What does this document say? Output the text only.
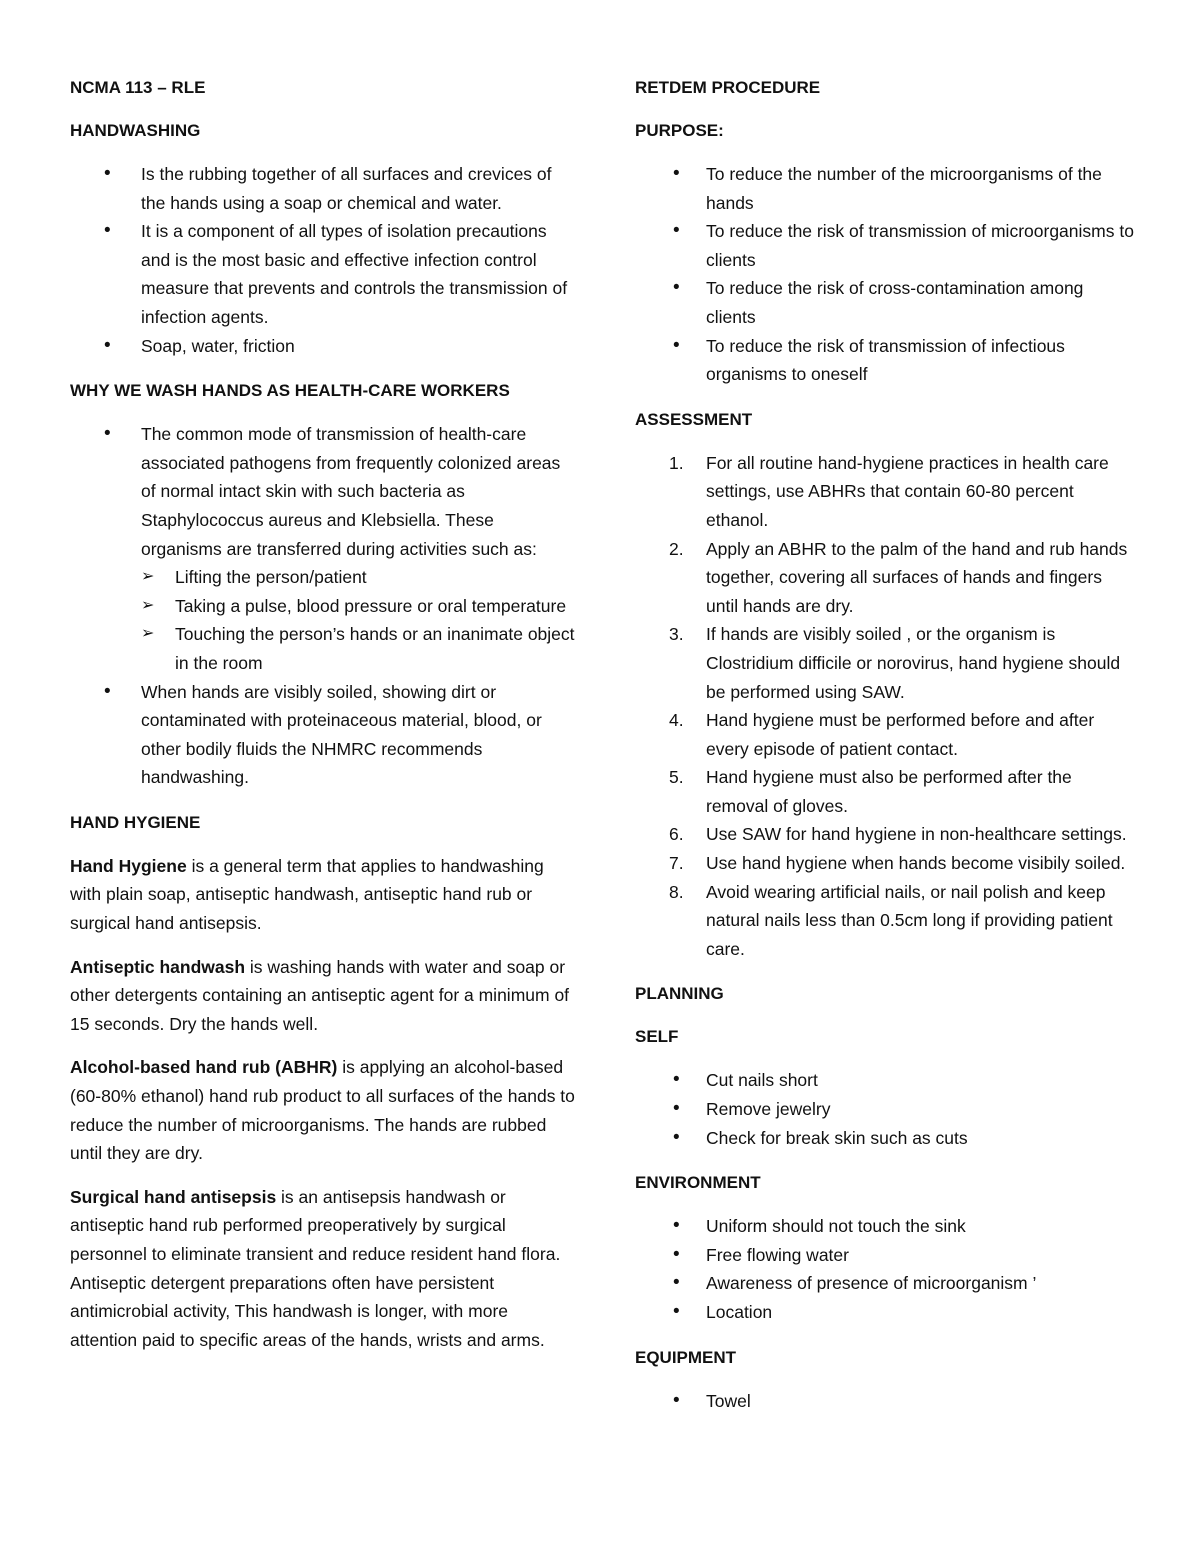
NCMA 113 – RLE
HANDWASHING
• Is the rubbing together of all surfaces and crevices of the hands using a soap or chemical and water.
• It is a component of all types of isolation precautions and is the most basic and effective infection control measure that prevents and controls the transmission of infection agents.
• Soap, water, friction
WHY WE WASH HANDS AS HEALTH-CARE WORKERS
• The common mode of transmission of health-care associated pathogens from frequently colonized areas of normal intact skin with such bacteria as Staphylococcus aureus and Klebsiella. These organisms are transferred during activities such as:
➢ Lifting the person/patient
➢ Taking a pulse, blood pressure or oral temperature
➢ Touching the person’s hands or an inanimate object in the room
• When hands are visibly soiled, showing dirt or contaminated with proteinaceous material, blood, or other bodily fluids the NHMRC recommends handwashing.
HAND HYGIENE

Hand Hygiene is a general term that applies to handwashing with plain soap, antiseptic handwash, antiseptic hand rub or surgical hand antisepsis.

Antiseptic handwash is washing hands with water and soap or other detergents containing an antiseptic agent for a minimum of 15 seconds. Dry the hands well.

Alcohol-based hand rub (ABHR) is applying an alcohol-based (60-80% ethanol) hand rub product to all surfaces of the hands to reduce the number of microorganisms. The hands are rubbed until they are dry.

Surgical hand antisepsis is an antisepsis handwash or antiseptic hand rub performed preoperatively by surgical personnel to eliminate transient and reduce resident hand flora. Antiseptic detergent preparations often have persistent antimicrobial activity, This handwash is longer, with more attention paid to specific areas of the hands, wrists and arms.

RETDEM PROCEDURE
PURPOSE:
• To reduce the number of the microorganisms of the hands
• To reduce the risk of transmission of microorganisms to clients
• To reduce the risk of cross-contamination among clients
• To reduce the risk of transmission of infectious organisms to oneself
ASSESSMENT
1.	For all routine hand-hygiene practices in health care settings, use ABHRs that contain 60-80 percent ethanol.
2.	Apply an ABHR to the palm of the hand and rub hands together, covering all surfaces of hands and fingers until hands are dry.
3.	If hands are visibly soiled , or the organism is Clostridium difficile or norovirus, hand hygiene should be performed using SAW.
4.	Hand hygiene must be performed before and after every episode of patient contact.
5.	Hand hygiene must also be performed after the removal of gloves.
6.	Use SAW for hand hygiene in non-healthcare settings.
7.	Use hand hygiene when hands become visibily soiled.
8.	Avoid wearing artificial nails, or nail polish and keep natural nails less than 0.5cm long if providing patient care.
PLANNING
SELF
• Cut nails short
• Remove jewelry
• Check for break skin such as cuts
ENVIRONMENT
• Uniform should not touch the sink
• Free flowing water
• Awareness of presence of microorganism ’
• Location
EQUIPMENT
• Towel
